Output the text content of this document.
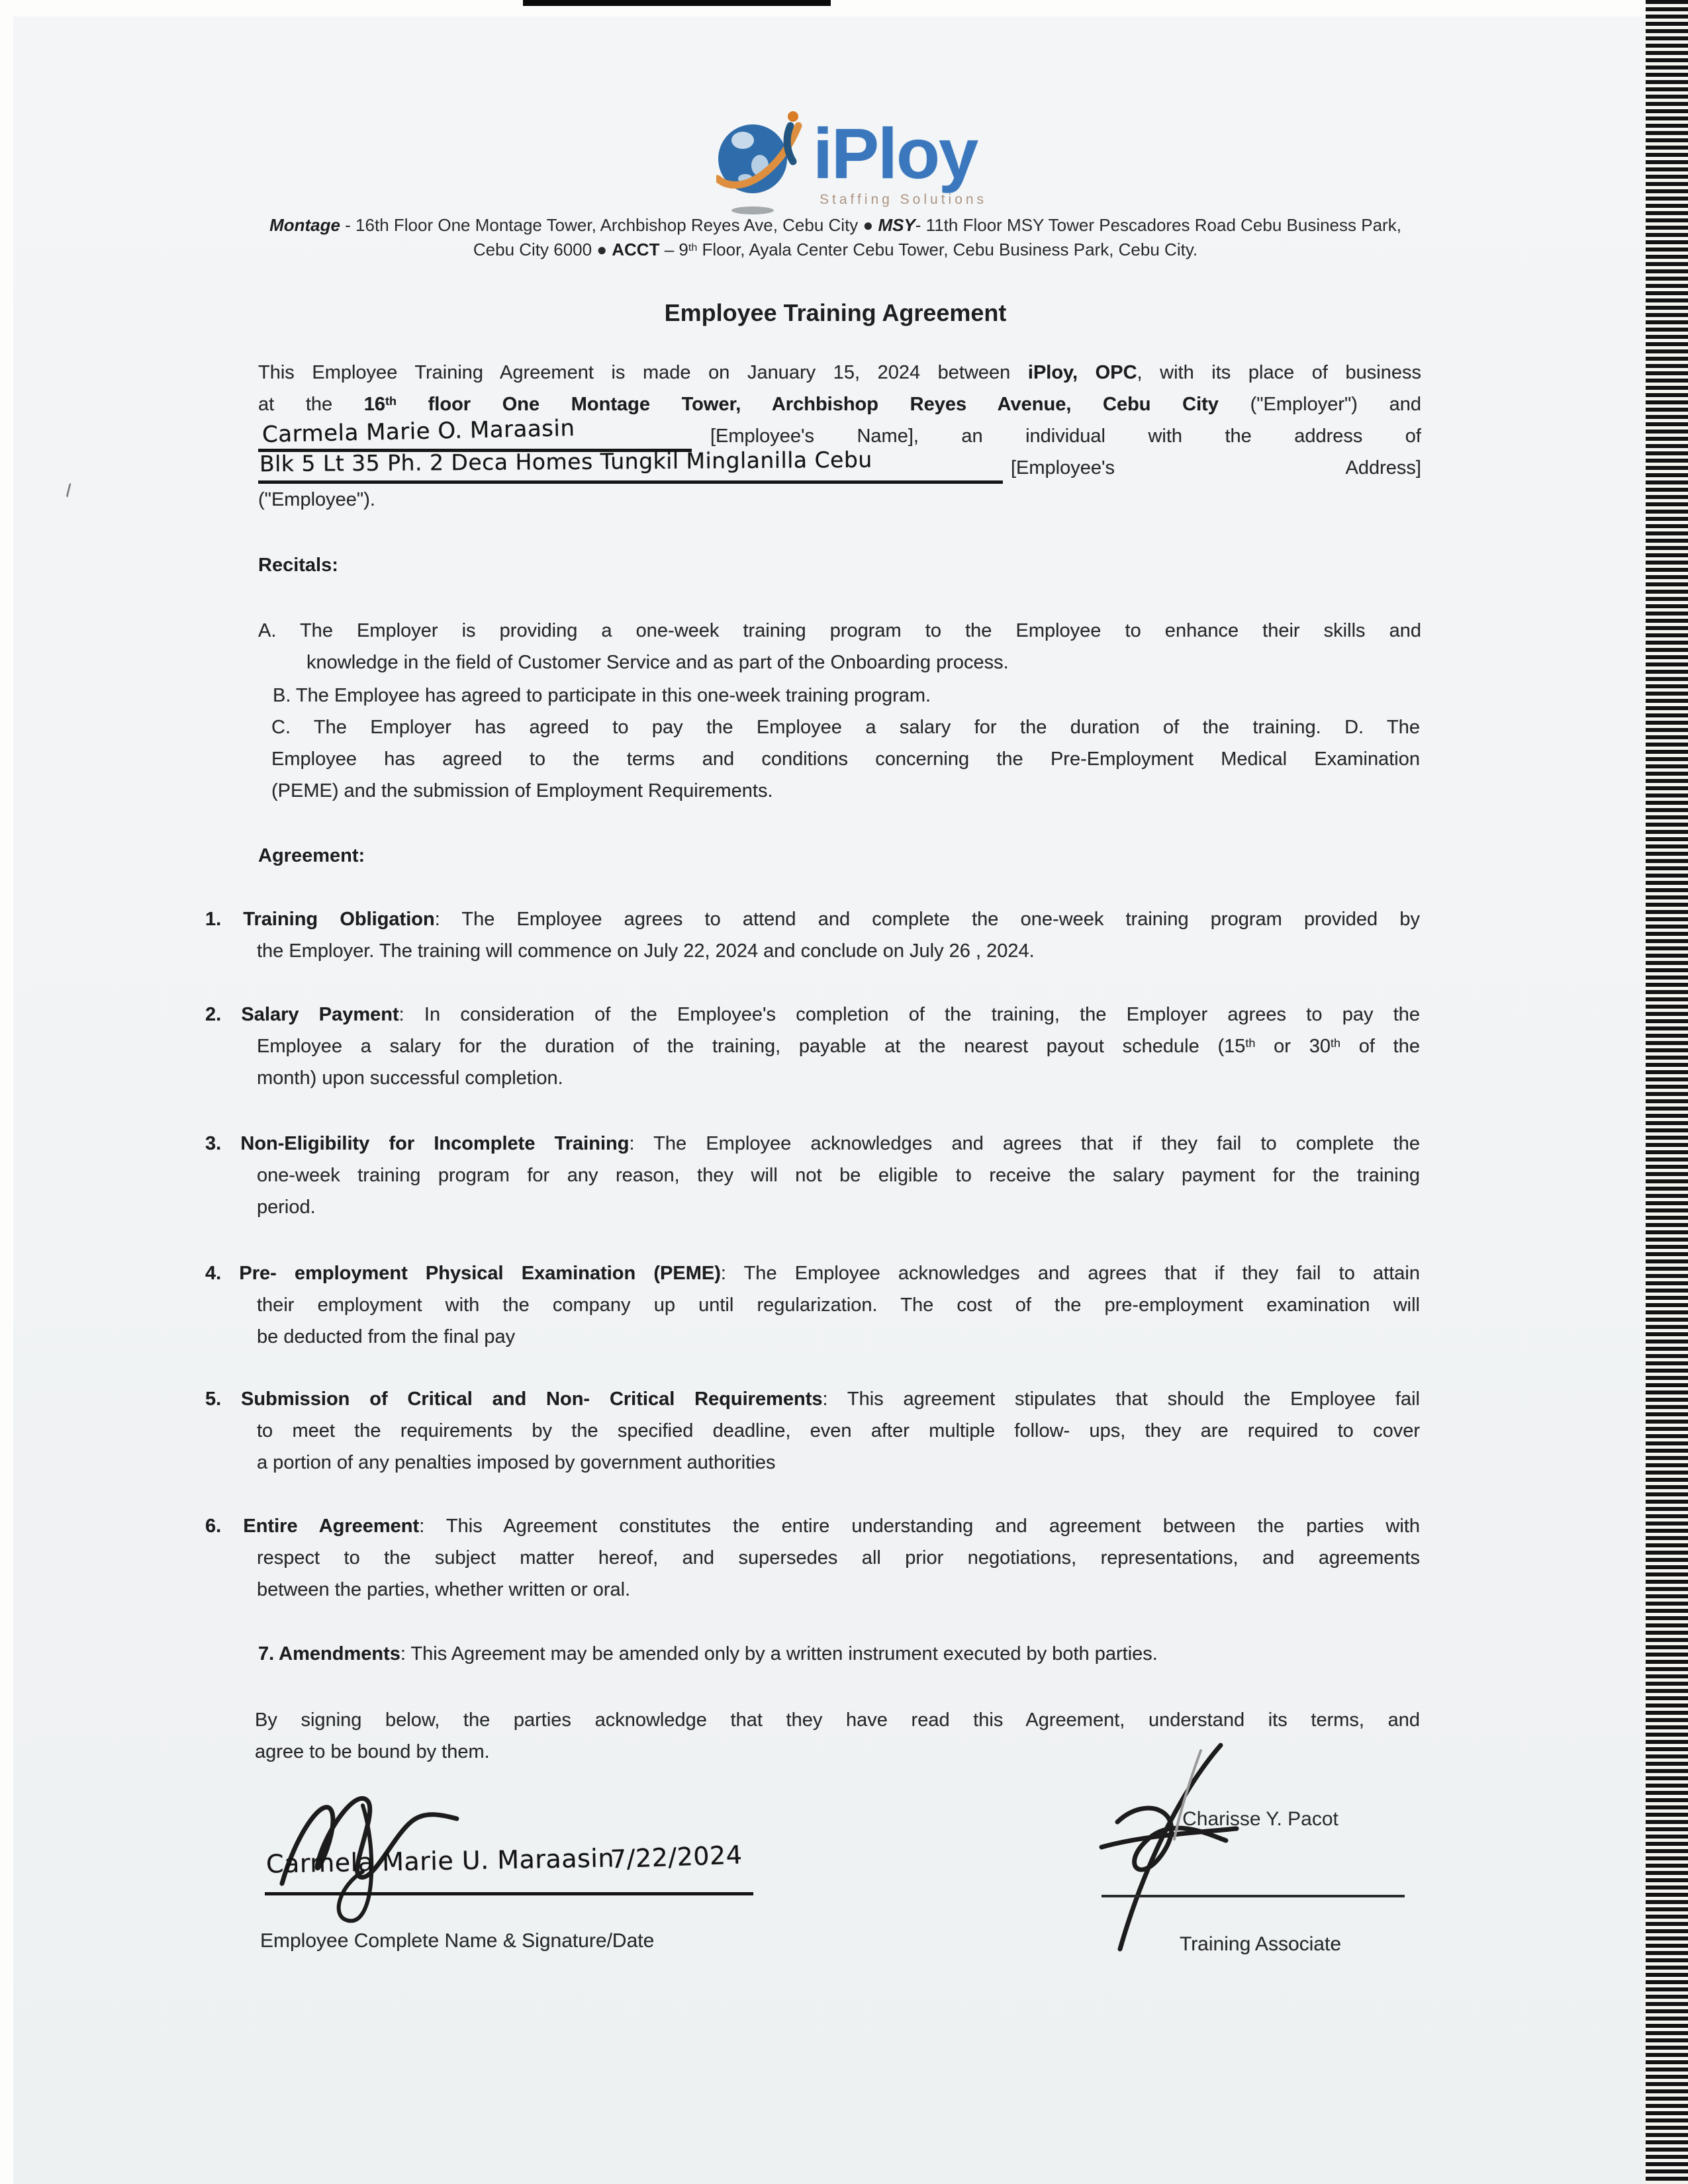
iPloy
Staffing Solutions
Montage - 16th Floor One Montage Tower, Archbishop Reyes Ave, Cebu City ● MSY- 11th Floor MSY Tower Pescadores Road Cebu Business Park,
Cebu City 6000 ● ACCT – 9th Floor, Ayala Center Cebu Tower, Cebu Business Park, Cebu City.
Employee Training Agreement
This Employee Training Agreement is made on January 15, 2024 between iPloy, OPC, with its place of business
at the 16th floor One Montage Tower, Archbishop Reyes Avenue, Cebu City ("Employer") and
Carmela Marie O. Maraasin	[Employee's Name], an individual with the address of
Blk 5 Lt 35 Ph. 2 Deca Homes Tungkil Minglanilla Cebu	[Employee's	Address]
("Employee").
Recitals:
A. The Employer is providing a one-week training program to the Employee to enhance their skills and
knowledge in the field of Customer Service and as part of the Onboarding process.
B. The Employee has agreed to participate in this one-week training program.
C. The Employer has agreed to pay the Employee a salary for the duration of the training. D. The
Employee has agreed to the terms and conditions concerning the Pre-Employment Medical Examination
(PEME) and the submission of Employment Requirements.
Agreement:
1. Training Obligation: The Employee agrees to attend and complete the one-week training program provided by
the Employer. The training will commence on July 22, 2024 and conclude on July 26 , 2024.
2. Salary Payment: In consideration of the Employee's completion of the training, the Employer agrees to pay the
Employee a salary for the duration of the training, payable at the nearest payout schedule (15th or 30th of the
month) upon successful completion.
3. Non-Eligibility for Incomplete Training: The Employee acknowledges and agrees that if they fail to complete the
one-week training program for any reason, they will not be eligible to receive the salary payment for the training
period.
4. Pre- employment Physical Examination (PEME): The Employee acknowledges and agrees that if they fail to attain
their employment with the company up until regularization. The cost of the pre-employment examination will
be deducted from the final pay
5. Submission of Critical and Non- Critical Requirements: This agreement stipulates that should the Employee fail
to meet the requirements by the specified deadline, even after multiple follow- ups, they are required to cover
a portion of any penalties imposed by government authorities
6. Entire Agreement: This Agreement constitutes the entire understanding and agreement between the parties with
respect to the subject matter hereof, and supersedes all prior negotiations, representations, and agreements
between the parties, whether written or oral.
7. Amendments: This Agreement may be amended only by a written instrument executed by both parties.
By signing below, the parties acknowledge that they have read this Agreement, understand its terms, and
agree to be bound by them.
Carmela Marie U. Maraasin
7/22/2024
Employee Complete Name & Signature/Date
Charisse Y. Pacot
Training Associate
